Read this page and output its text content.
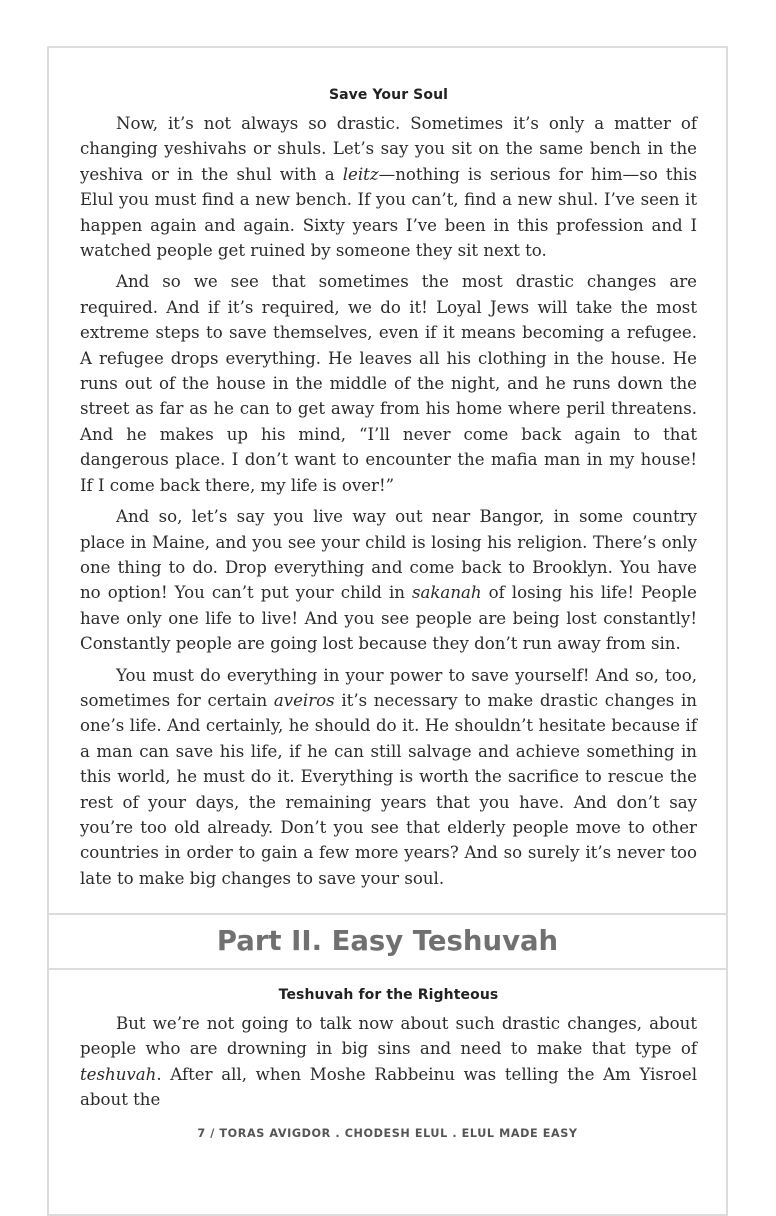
Save Your Soul

Now, it’s not always so drastic. Sometimes it’s only a matter of changing yeshivahs or shuls. Let’s say you sit on the same bench in the yeshiva or in the shul with a leitz—nothing is serious for him—so this Elul you must find a new bench. If you can’t, find a new shul. I’ve seen it happen again and again. Sixty years I’ve been in this profession and I watched people get ruined by someone they sit next to.

And so we see that sometimes the most drastic changes are required. And if it’s required, we do it! Loyal Jews will take the most extreme steps to save themselves, even if it means becoming a refugee. A refugee drops everything. He leaves all his clothing in the house. He runs out of the house in the middle of the night, and he runs down the street as far as he can to get away from his home where peril threatens. And he makes up his mind, “I’ll never come back again to that dangerous place. I don’t want to encounter the mafia man in my house! If I come back there, my life is over!”

And so, let’s say you live way out near Bangor, in some country place in Maine, and you see your child is losing his religion. There’s only one thing to do. Drop everything and come back to Brooklyn. You have no option! You can’t put your child in sakanah of losing his life! People have only one life to live! And you see people are being lost constantly! Constantly people are going lost because they don’t run away from sin.

You must do everything in your power to save yourself! And so, too, sometimes for certain aveiros it’s necessary to make drastic changes in one’s life. And certainly, he should do it. He shouldn’t hesitate because if a man can save his life, if he can still salvage and achieve something in this world, he must do it. Everything is worth the sacrifice to rescue the rest of your days, the remaining years that you have. And don’t say you’re too old already. Don’t you see that elderly people move to other countries in order to gain a few more years? And so surely it’s never too late to make big changes to save your soul.

Part II. Easy Teshuvah
Teshuvah for the Righteous

But we’re not going to talk now about such drastic changes, about people who are drowning in big sins and need to make that type of teshuvah. After all, when Moshe Rabbeinu was telling the Am Yisroel about the

7 / TORAS AVIGDOR . CHODESH ELUL . ELUL MADE EASY
